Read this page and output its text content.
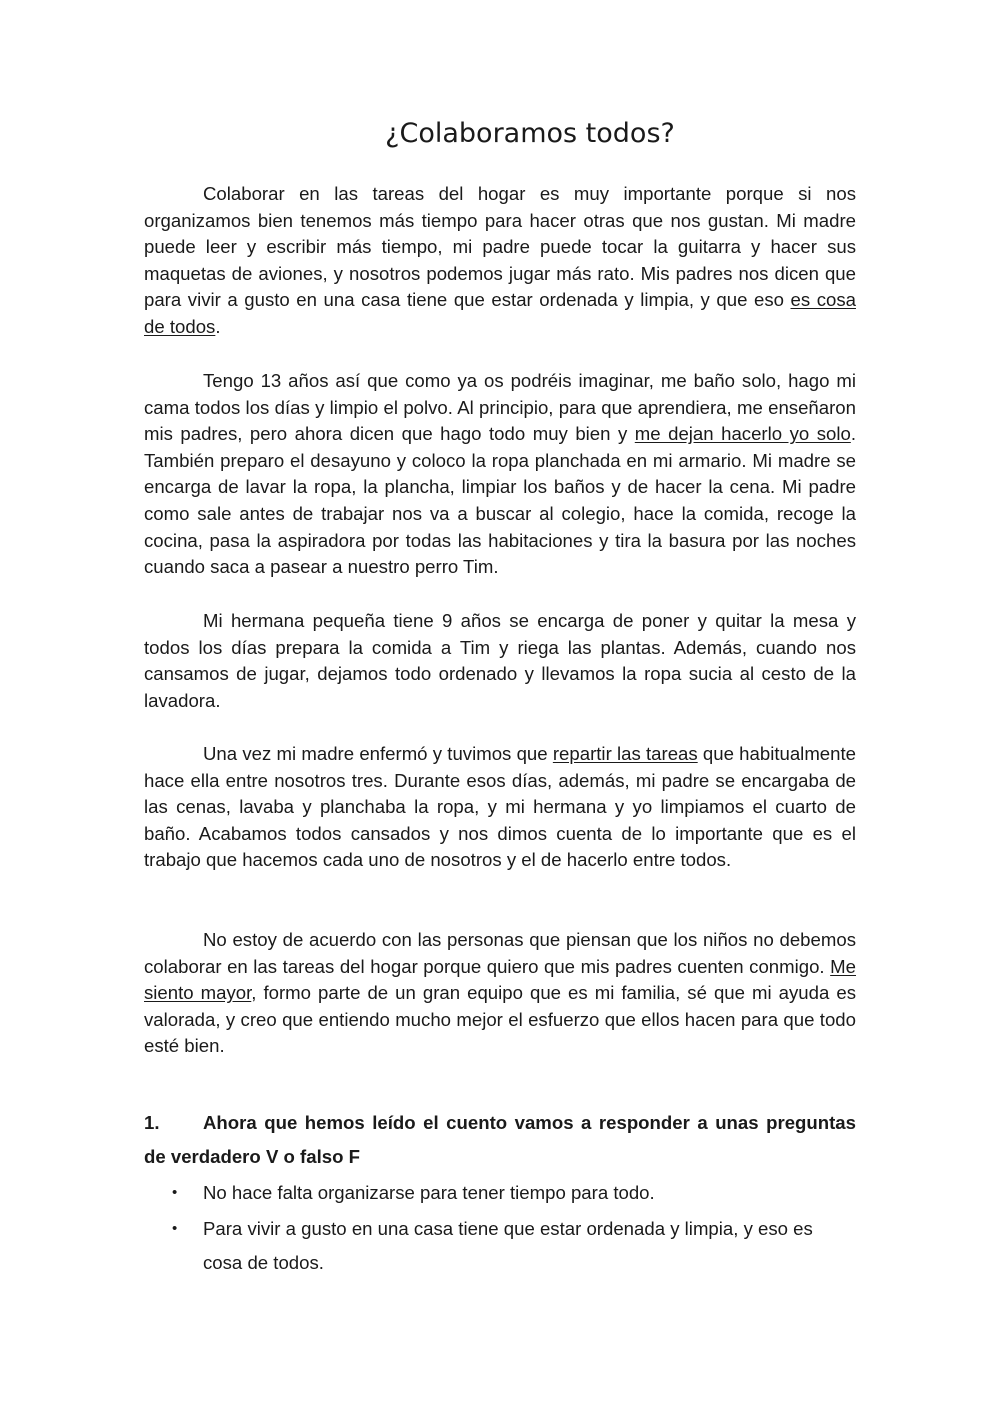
¿Colaboramos todos?

Colaborar en las tareas del hogar es muy importante porque si nos organizamos bien tenemos más tiempo para hacer otras que nos gustan. Mi madre puede leer y escribir más tiempo, mi padre puede tocar la guitarra y hacer sus maquetas de aviones, y nosotros podemos jugar más rato. Mis padres nos dicen que para vivir a gusto en una casa tiene que estar ordenada y limpia, y que eso es cosa de todos.

Tengo 13 años así que como ya os podréis imaginar, me baño solo, hago mi cama todos los días y limpio el polvo. Al principio, para que aprendiera, me enseñaron mis padres, pero ahora dicen que hago todo muy bien y me dejan hacerlo yo solo. También preparo el desayuno y coloco la ropa planchada en mi armario. Mi madre se encarga de lavar la ropa, la plancha, limpiar los baños y de hacer la cena. Mi padre como sale antes de trabajar nos va a buscar al colegio, hace la comida, recoge la cocina, pasa la aspiradora por todas las habitaciones y tira la basura por las noches cuando saca a pasear a nuestro perro Tim.

Mi hermana pequeña tiene 9 años se encarga de poner y quitar la mesa y todos los días prepara la comida a Tim y riega las plantas. Además, cuando nos cansamos de jugar, dejamos todo ordenado y llevamos la ropa sucia al cesto de la lavadora.

Una vez mi madre enfermó y tuvimos que repartir las tareas que habitualmente hace ella entre nosotros tres. Durante esos días, además, mi padre se encargaba de las cenas, lavaba y planchaba la ropa, y mi hermana y yo limpiamos el cuarto de baño. Acabamos todos cansados y nos dimos cuenta de lo importante que es el trabajo que hacemos cada uno de nosotros y el de hacerlo entre todos.

No estoy de acuerdo con las personas que piensan que los niños no debemos colaborar en las tareas del hogar porque quiero que mis padres cuenten conmigo. Me siento mayor, formo parte de un gran equipo que es mi familia, sé que mi ayuda es valorada, y creo que entiendo mucho mejor el esfuerzo que ellos hacen para que todo esté bien.

1. Ahora que hemos leído el cuento vamos a responder a unas preguntas de verdadero V o falso F

• No hace falta organizarse para tener tiempo para todo.
• Para vivir a gusto en una casa tiene que estar ordenada y limpia, y eso es cosa de todos.
